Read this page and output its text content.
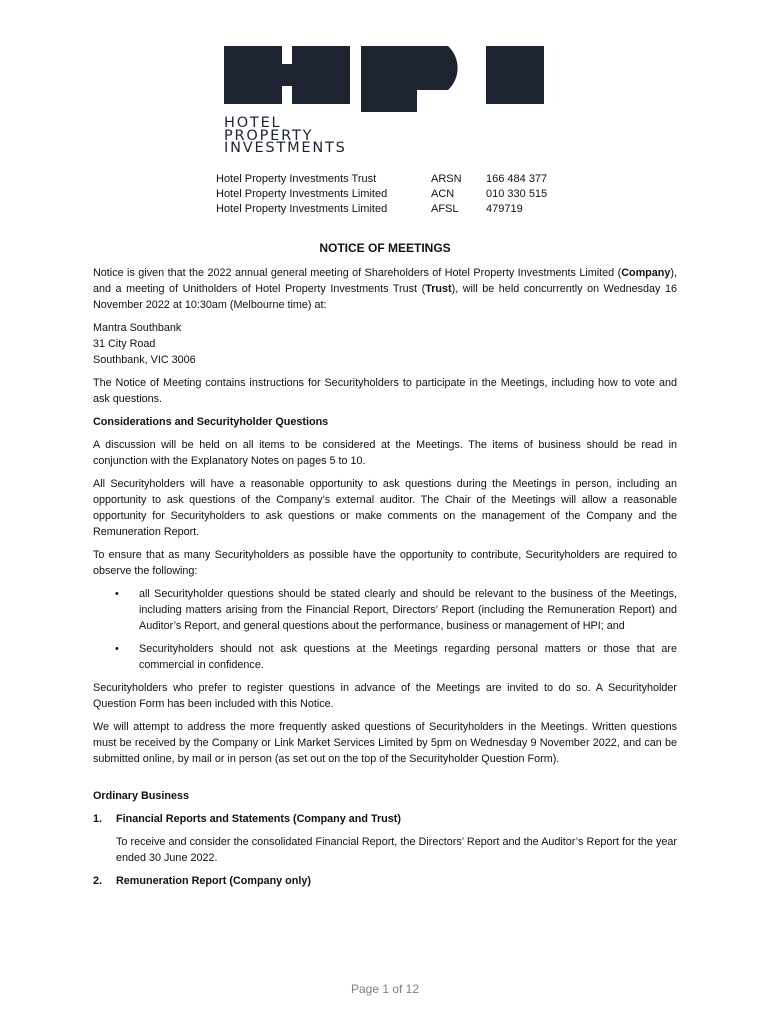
HOTEL
PROPERTY
INVESTMENTS
Hotel Property Investments Trust	ARSN	166 484 377
Hotel Property Investments Limited	ACN	010 330 515
Hotel Property Investments Limited	AFSL	479719
NOTICE OF MEETINGS

Notice is given that the 2022 annual general meeting of Shareholders of Hotel Property Investments Limited (Company), and a meeting of Unitholders of Hotel Property Investments Trust (Trust), will be held concurrently on Wednesday 16 November 2022 at 10:30am (Melbourne time) at:

Mantra Southbank

31 City Road

Southbank, VIC 3006

The Notice of Meeting contains instructions for Securityholders to participate in the Meetings, including how to vote and ask questions.

Considerations and Securityholder Questions

A discussion will be held on all items to be considered at the Meetings. The items of business should be read in conjunction with the Explanatory Notes on pages 5 to 10.

All Securityholders will have a reasonable opportunity to ask questions during the Meetings in person, including an opportunity to ask questions of the Company’s external auditor. The Chair of the Meetings will allow a reasonable opportunity for Securityholders to ask questions or make comments on the management of the Company and the Remuneration Report.

To ensure that as many Securityholders as possible have the opportunity to contribute, Securityholders are required to observe the following:

• all Securityholder questions should be stated clearly and should be relevant to the business of the Meetings, including matters arising from the Financial Report, Directors’ Report (including the Remuneration Report) and Auditor’s Report, and general questions about the performance, business or management of HPI; and
• Securityholders should not ask questions at the Meetings regarding personal matters or those that are commercial in confidence.

Securityholders who prefer to register questions in advance of the Meetings are invited to do so. A Securityholder Question Form has been included with this Notice.

We will attempt to address the more frequently asked questions of Securityholders in the Meetings. Written questions must be received by the Company or Link Market Services Limited by 5pm on Wednesday 9 November 2022, and can be submitted online, by mail or in person (as set out on the top of the Securityholder Question Form).

Ordinary Business
1.	Financial Reports and Statements (Company and Trust)

To receive and consider the consolidated Financial Report, the Directors’ Report and the Auditor’s Report for the year ended 30 June 2022.

2.	Remuneration Report (Company only)
Page 1 of 12
